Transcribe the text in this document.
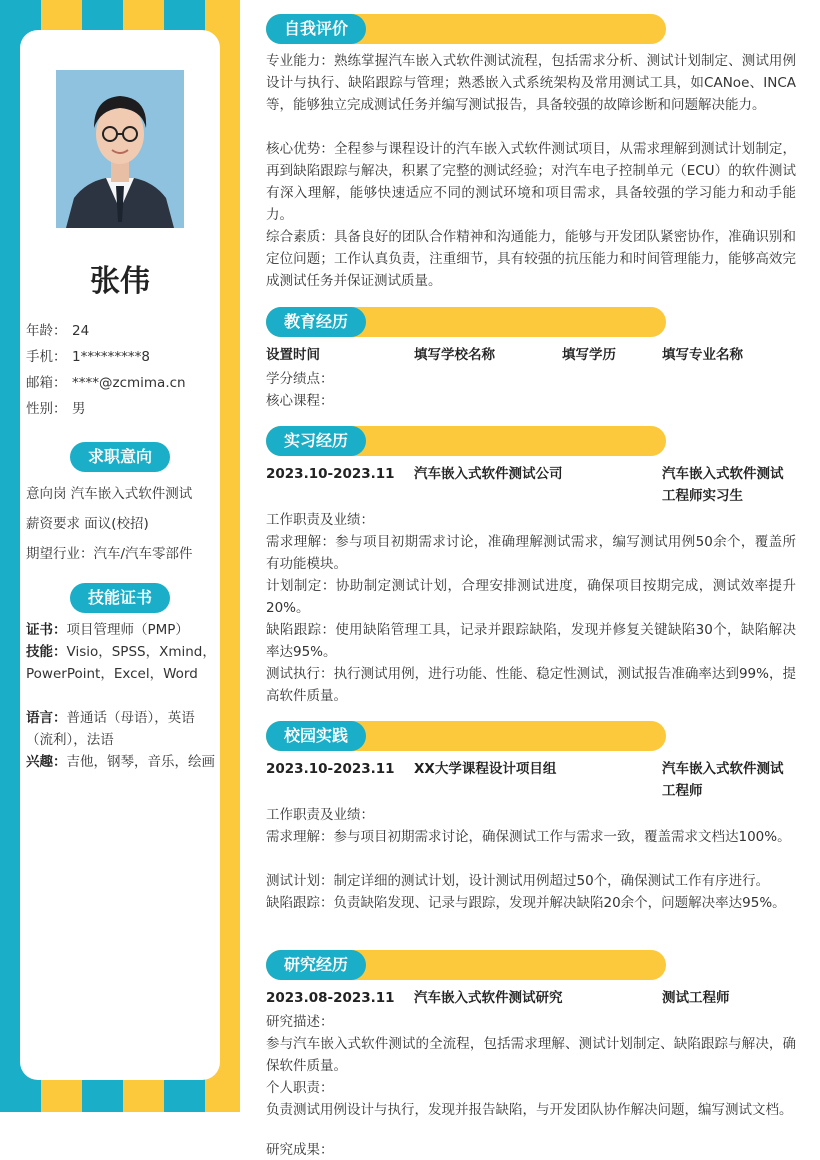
张伟
年龄： 24
手机： 1*********8
邮箱： ****@zcmima.cn
性别： 男
求职意向
意向岗 汽车嵌入式软件测试
薪资要求 面议(校招)
期望行业：汽车/汽车零部件
技能证书
证书：项目管理师（PMP）
技能：Visio，SPSS，Xmind，PowerPoint，Excel，Word
语言：普通话（母语），英语（流利），法语
兴趣：吉他，钢琴，音乐，绘画
自我评价
专业能力：熟练掌握汽车嵌入式软件测试流程，包括需求分析、测试计划制定、测试用例设计与执行、缺陷跟踪与管理；熟悉嵌入式系统架构及常用测试工具，如CANoe、INCA等，能够独立完成测试任务并编写测试报告，具备较强的故障诊断和问题解决能力。
核心优势：全程参与课程设计的汽车嵌入式软件测试项目，从需求理解到测试计划制定，再到缺陷跟踪与解决，积累了完整的测试经验；对汽车电子控制单元（ECU）的软件测试有深入理解，能够快速适应不同的测试环境和项目需求，具备较强的学习能力和动手能力。
综合素质：具备良好的团队合作精神和沟通能力，能够与开发团队紧密协作，准确识别和定位问题；工作认真负责，注重细节，具有较强的抗压能力和时间管理能力，能够高效完成测试任务并保证测试质量。
教育经历
设置时间	填写学校名称	填写学历	填写专业名称
学分绩点：
核心课程：
实习经历
2023.10-2023.11 汽车嵌入式软件测试公司	汽车嵌入式软件测试工程师实习生
工作职责及业绩：
需求理解：参与项目初期需求讨论，准确理解测试需求，编写测试用例50余个，覆盖所有功能模块。
计划制定：协助制定测试计划，合理安排测试进度，确保项目按期完成，测试效率提升20%。
缺陷跟踪：使用缺陷管理工具，记录并跟踪缺陷，发现并修复关键缺陷30个，缺陷解决率达95%。
测试执行：执行测试用例，进行功能、性能、稳定性测试，测试报告准确率达到99%，提高软件质量。
校园实践
2023.10-2023.11 XX大学课程设计项目组	汽车嵌入式软件测试工程师
工作职责及业绩：
需求理解：参与项目初期需求讨论，确保测试工作与需求一致，覆盖需求文档达100%。
测试计划：制定详细的测试计划，设计测试用例超过50个，确保测试工作有序进行。
缺陷跟踪：负责缺陷发现、记录与跟踪，发现并解决缺陷20余个，问题解决率达95%。
研究经历
2023.08-2023.11 汽车嵌入式软件测试研究	测试工程师
研究描述：
参与汽车嵌入式软件测试的全流程，包括需求理解、测试计划制定、缺陷跟踪与解决，确保软件质量。
个人职责：
负责测试用例设计与执行，发现并报告缺陷，与开发团队协作解决问题，编写测试文档。
研究成果：
